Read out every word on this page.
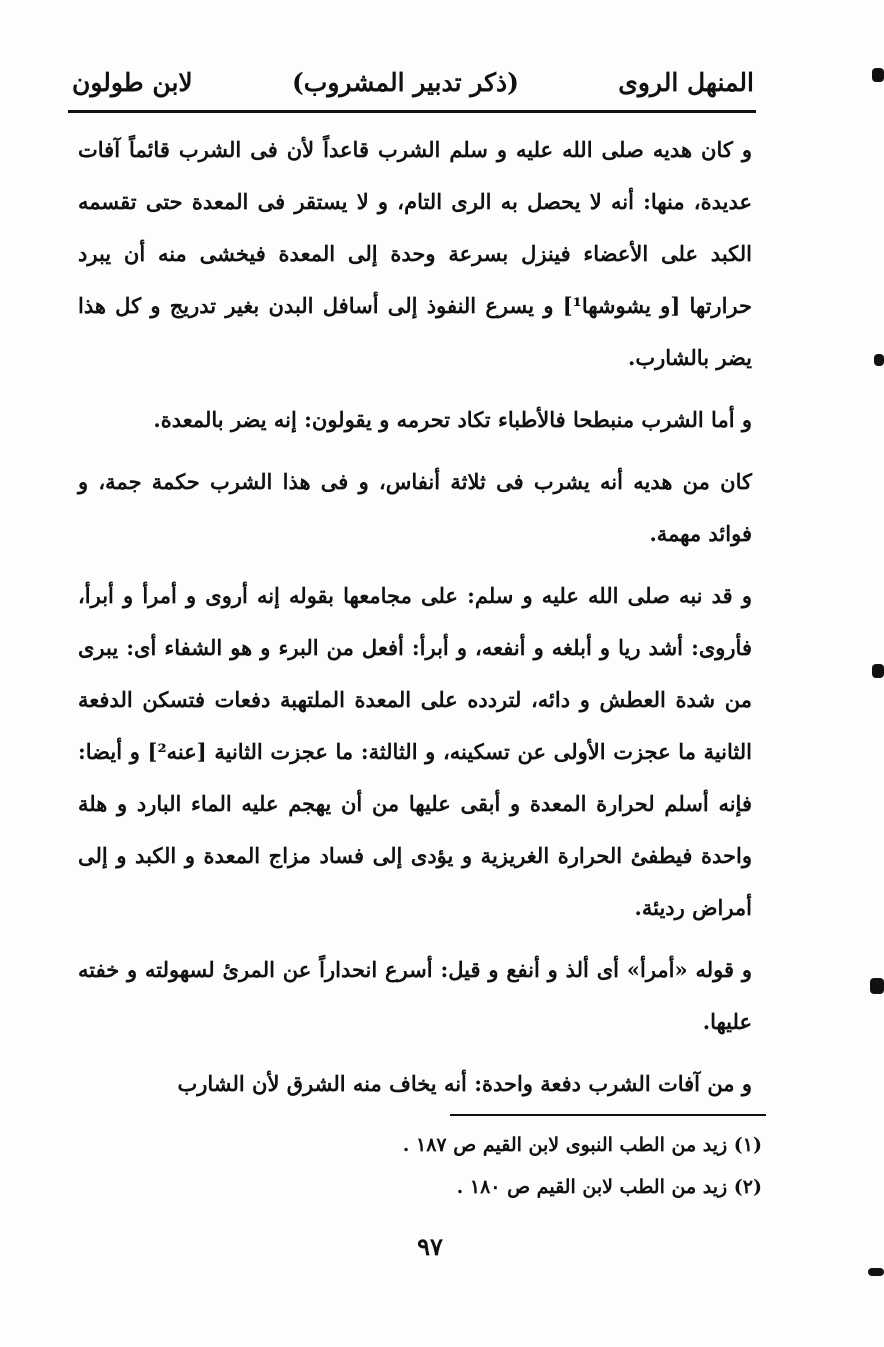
المنهل الروى
(ذكر تدبير المشروب)
لابن طولون

و كان هديه صلى الله عليه و سلم الشرب قاعداً لأن فى الشرب قائماً آفات عديدة، منها: أنه لا يحصل به الرى التام، و لا يستقر فى المعدة حتى تقسمه الكبد على الأعضاء فينزل بسرعة وحدة إلى المعدة فيخشى منه أن يبرد حرارتها [و يشوشها¹] و يسرع النفوذ إلى أسافل البدن بغير تدريج و كل هذا يضر بالشارب.

و أما الشرب منبطحا فالأطباء تكاد تحرمه و يقولون: إنه يضر بالمعدة.

كان من هديه أنه يشرب فى ثلاثة أنفاس، و فى هذا الشرب حكمة جمة، و فوائد مهمة.

و قد نبه صلى الله عليه و سلم: على مجامعها بقوله إنه أروى و أمرأ و أبرأ، فأروى: أشد ريا و أبلغه و أنفعه، و أبرأ: أفعل من البرء و هو الشفاء أى: يبرى من شدة العطش و دائه، لتردده على المعدة الملتهبة دفعات فتسكن الدفعة الثانية ما عجزت الأولى عن تسكينه، و الثالثة: ما عجزت الثانية [عنه²] و أيضا: فإنه أسلم لحرارة المعدة و أبقى عليها من أن يهجم عليه الماء البارد و هلة واحدة فيطفئ الحرارة الغريزية و يؤدى إلى فساد مزاج المعدة و الكبد و إلى أمراض رديئة.

و قوله «أمرأ» أى ألذ و أنفع و قيل: أسرع انحداراً عن المرئ لسهولته و خفته عليها.

و من آفات الشرب دفعة واحدة: أنه يخاف منه الشرق لأن الشارب

(١) زيد من الطب النبوى لابن القيم ص ١٨٧ .
(٢) زيد من الطب لابن القيم ص ١٨٠ .
٩٧
